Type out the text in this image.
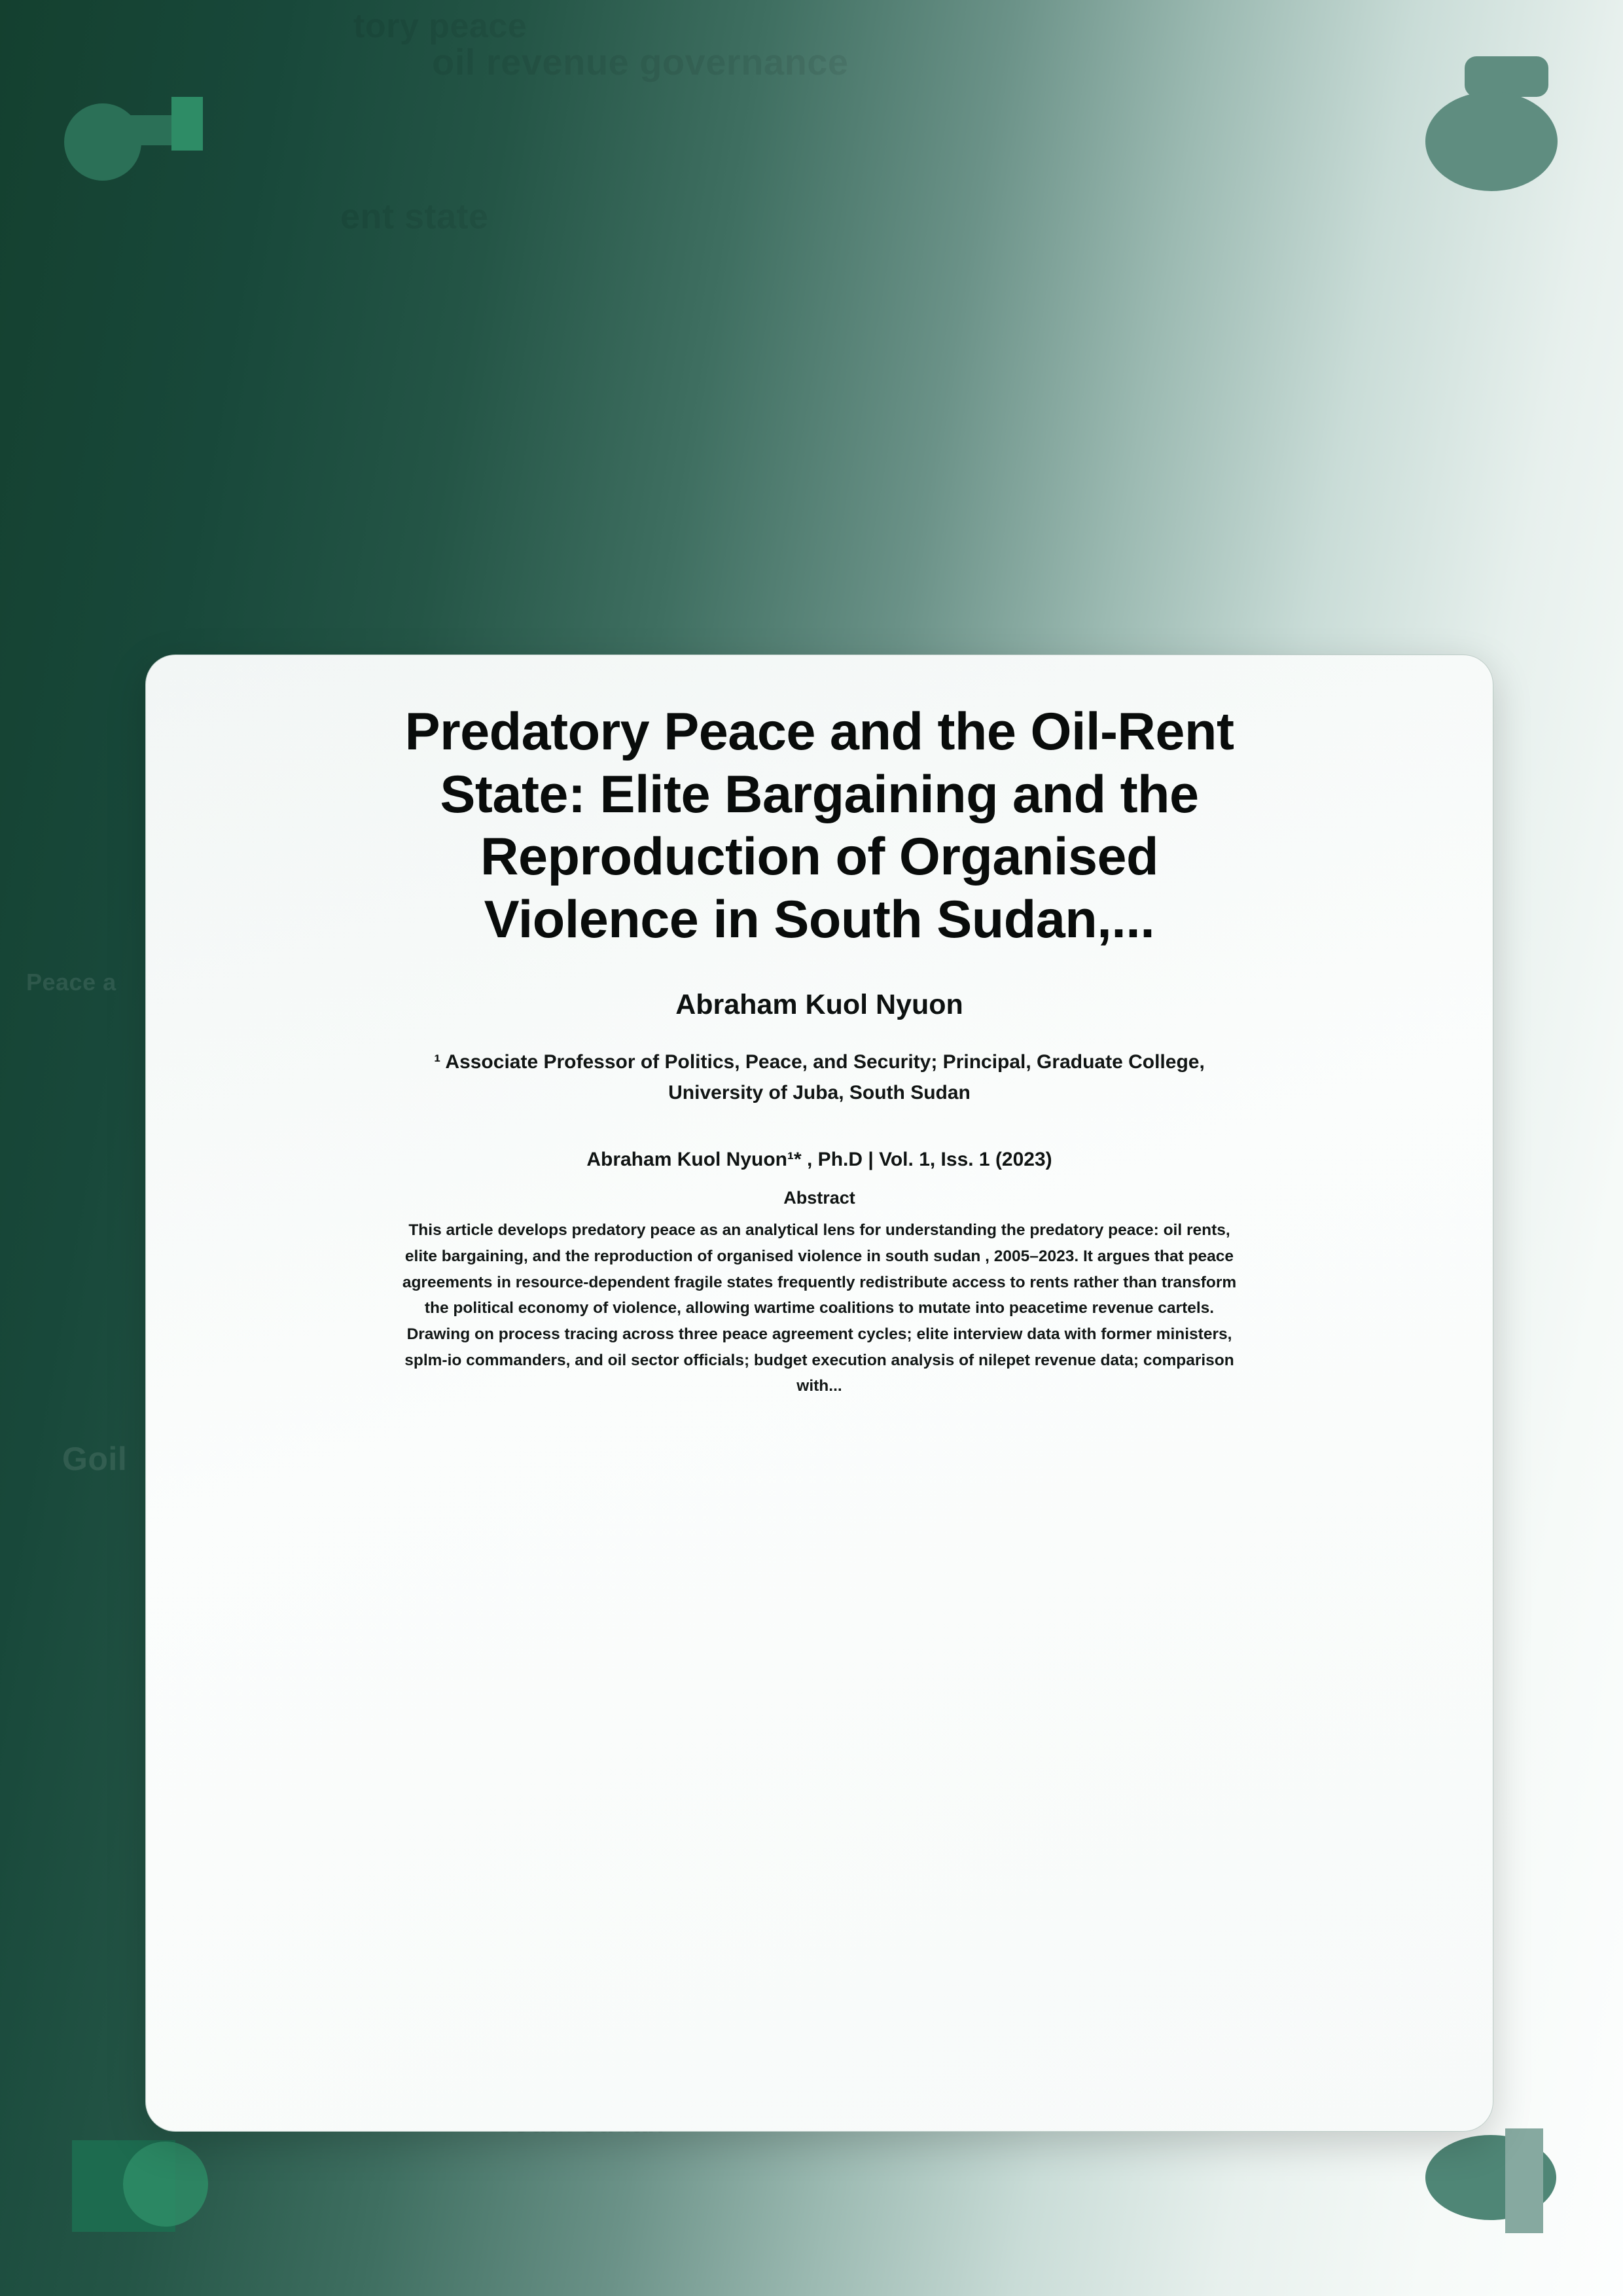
tory peace
oil revenue governance
ent state
Peace a
Goil
Predatory Peace and the Oil-Rent State: Elite Bargaining and the Reproduction of Organised Violence in South Sudan,...
Abraham Kuol Nyuon
¹ Associate Professor of Politics, Peace, and Security; Principal, Graduate College, University of Juba, South Sudan
Abraham Kuol Nyuon¹* , Ph.D | Vol. 1, Iss. 1 (2023)
Abstract
This article develops predatory peace as an analytical lens for understanding the predatory peace: oil rents, elite bargaining, and the reproduction of organised violence in south sudan , 2005–2023. It argues that peace agreements in resource-dependent fragile states frequently redistribute access to rents rather than transform the political economy of violence, allowing wartime coalitions to mutate into peacetime revenue cartels. Drawing on process tracing across three peace agreement cycles; elite interview data with former ministers, splm-io commanders, and oil sector officials; budget execution analysis of nilepet revenue data; comparison with...
